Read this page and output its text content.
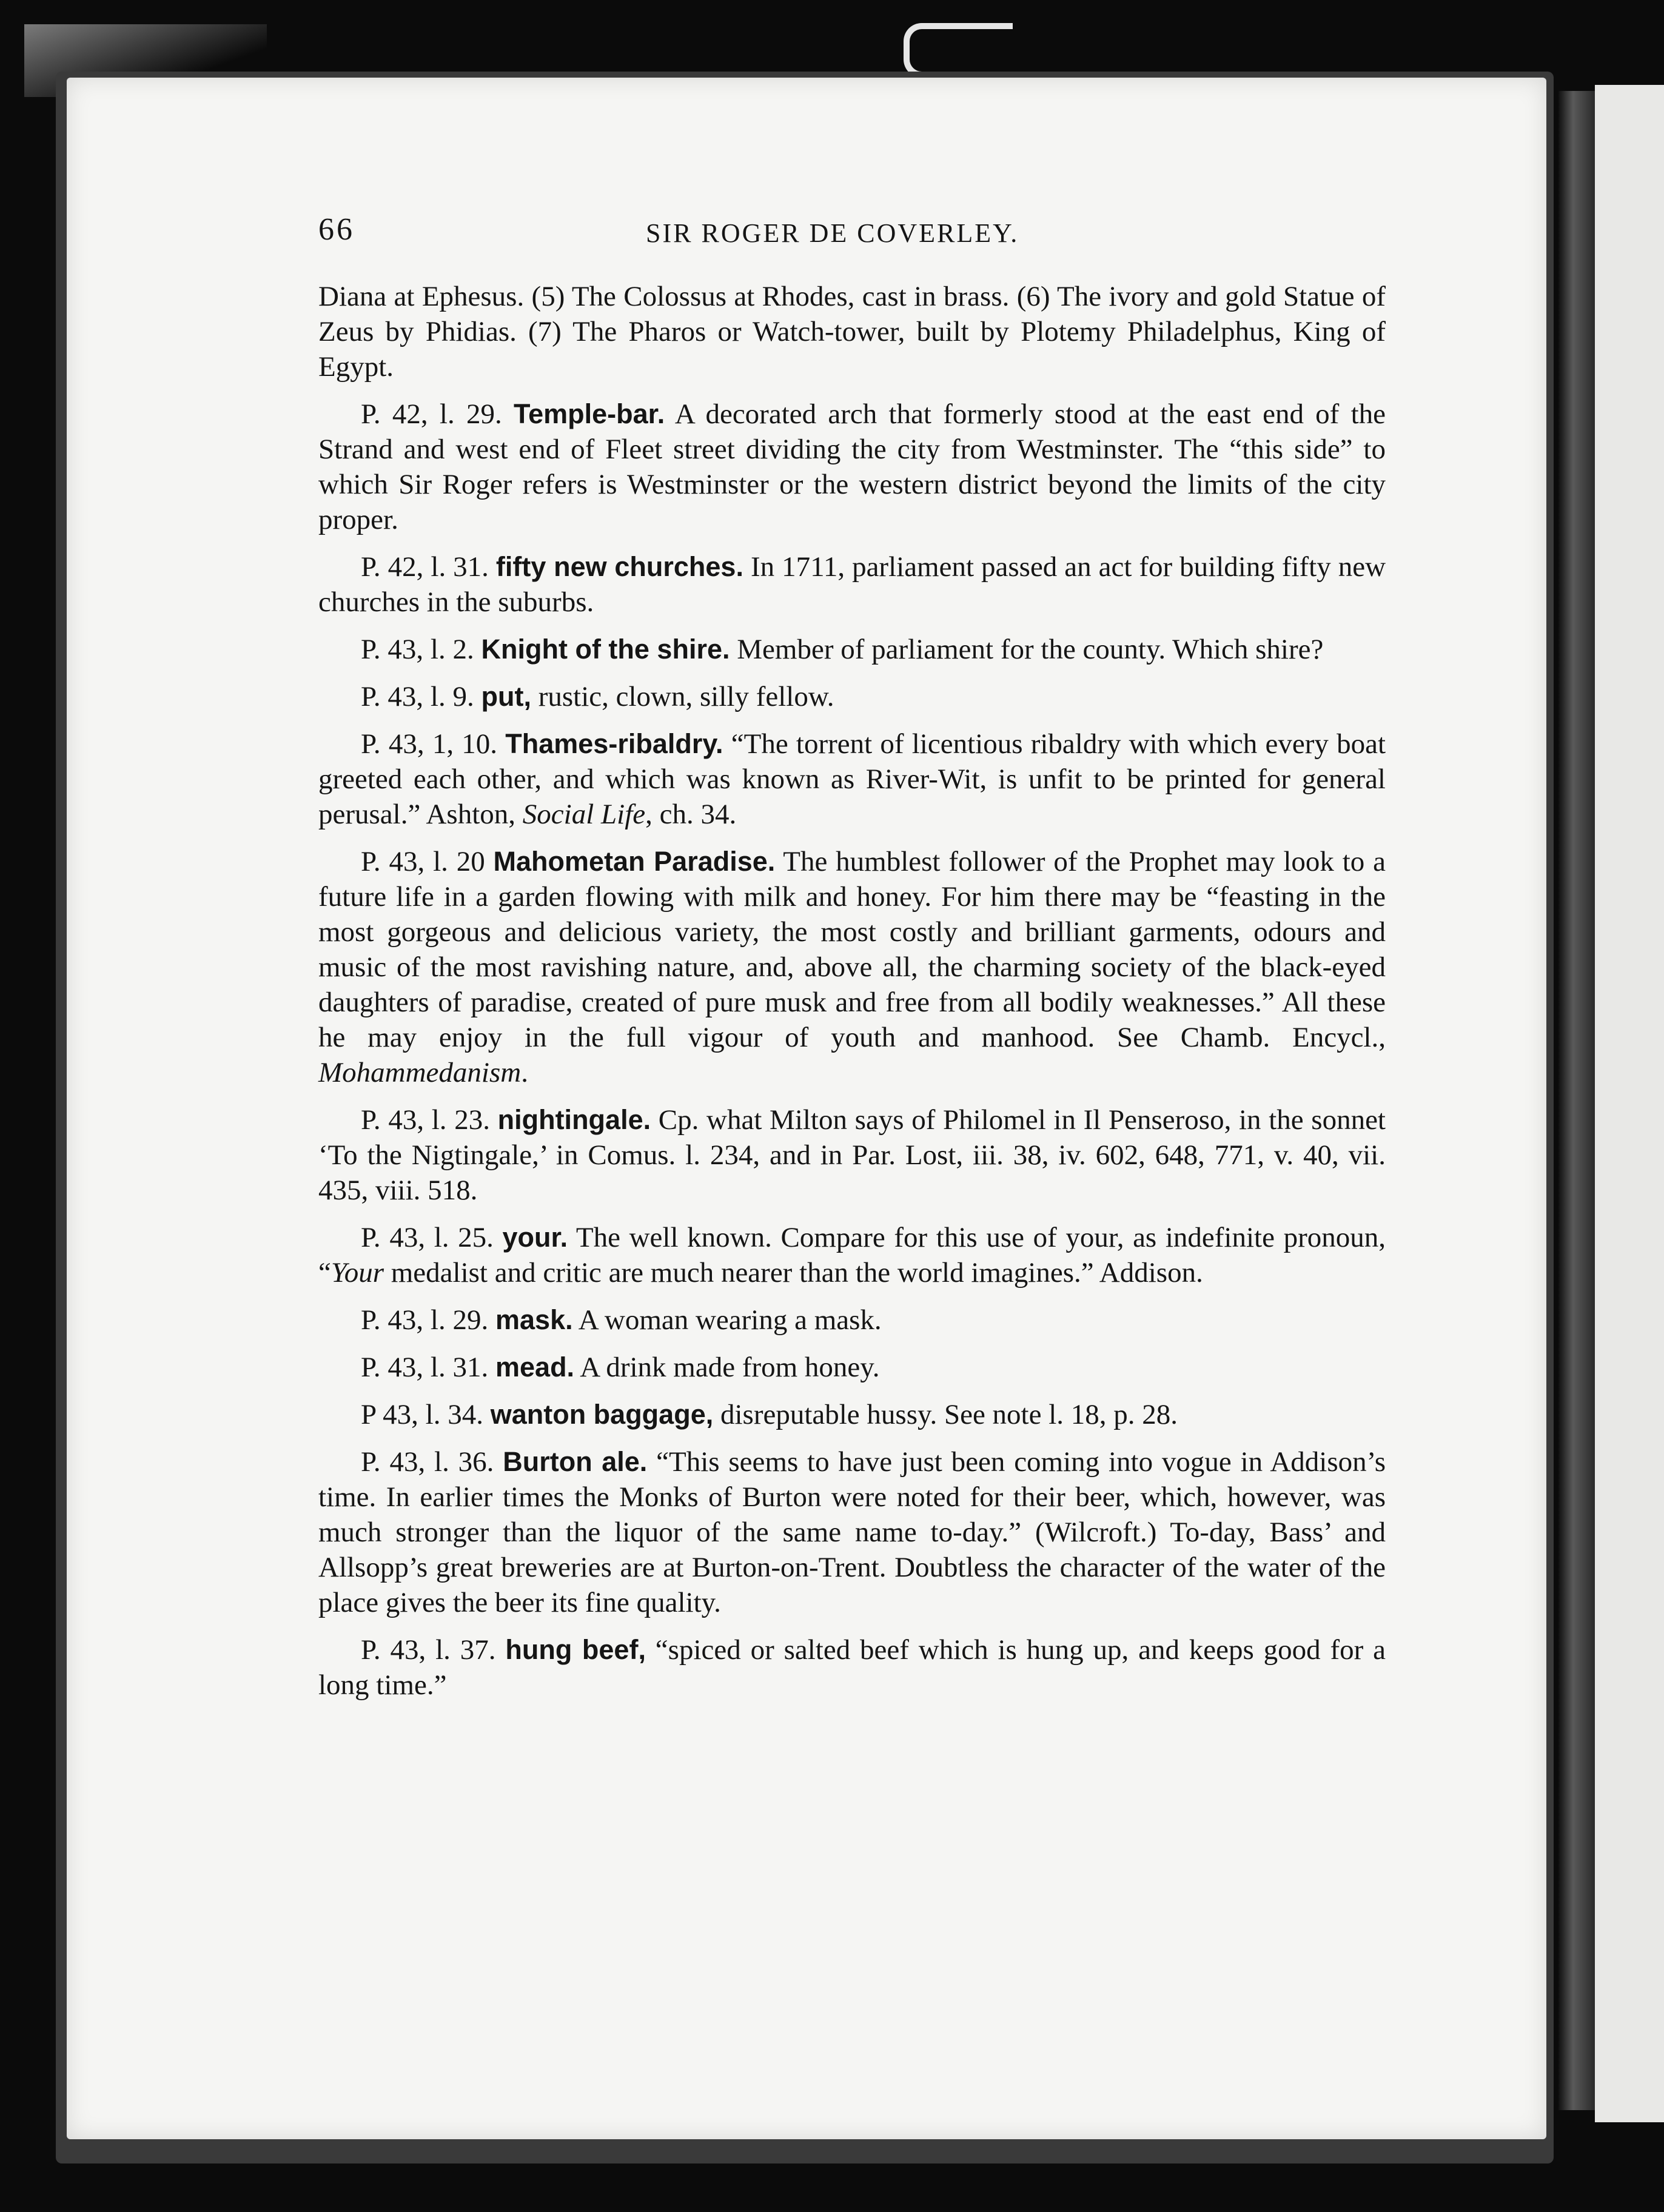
66	SIR ROGER DE COVERLEY.

Diana at Ephesus. (5) The Colossus at Rhodes, cast in brass. (6) The ivory and gold Statue of Zeus by Phidias. (7) The Pharos or Watch-tower, built by Plotemy Philadelphus, King of Egypt.

P. 42, l. 29. Temple-bar. A decorated arch that formerly stood at the east end of the Strand and west end of Fleet street dividing the city from Westminster. The “this side” to which Sir Roger refers is Westminster or the western district beyond the limits of the city proper.

P. 42, l. 31. fifty new churches. In 1711, parliament passed an act for building fifty new churches in the suburbs.

P. 43, l. 2. Knight of the shire. Member of parliament for the county. Which shire?

P. 43, l. 9. put, rustic, clown, silly fellow.

P. 43, 1, 10. Thames-ribaldry. “The torrent of licentious ribaldry with which every boat greeted each other, and which was known as River-Wit, is unfit to be printed for general perusal.” Ashton, Social Life, ch. 34.

P. 43, l. 20 Mahometan Paradise. The humblest follower of the Prophet may look to a future life in a garden flowing with milk and honey. For him there may be “feasting in the most gorgeous and delicious variety, the most costly and brilliant garments, odours and music of the most ravishing nature, and, above all, the charming society of the black-eyed daughters of paradise, created of pure musk and free from all bodily weaknesses.” All these he may enjoy in the full vigour of youth and manhood. See Chamb. Encycl., Mohammedanism.

P. 43, l. 23. nightingale. Cp. what Milton says of Philomel in Il Penseroso, in the sonnet ‘To the Nigtingale,’ in Comus. l. 234, and in Par. Lost, iii. 38, iv. 602, 648, 771, v. 40, vii. 435, viii. 518.

P. 43, l. 25. your. The well known. Compare for this use of your, as indefinite pronoun, “Your medalist and critic are much nearer than the world imagines.” Addison.

P. 43, l. 29. mask. A woman wearing a mask.

P. 43, l. 31. mead. A drink made from honey.

P 43, l. 34. wanton baggage, disreputable hussy. See note l. 18, p. 28.

P. 43, l. 36. Burton ale. “This seems to have just been coming into vogue in Addison’s time. In earlier times the Monks of Burton were noted for their beer, which, however, was much stronger than the liquor of the same name to-day.” (Wilcroft.) To-day, Bass’ and Allsopp’s great breweries are at Burton-on-Trent. Doubtless the character of the water of the place gives the beer its fine quality.

P. 43, l. 37. hung beef, “spiced or salted beef which is hung up, and keeps good for a long time.”
